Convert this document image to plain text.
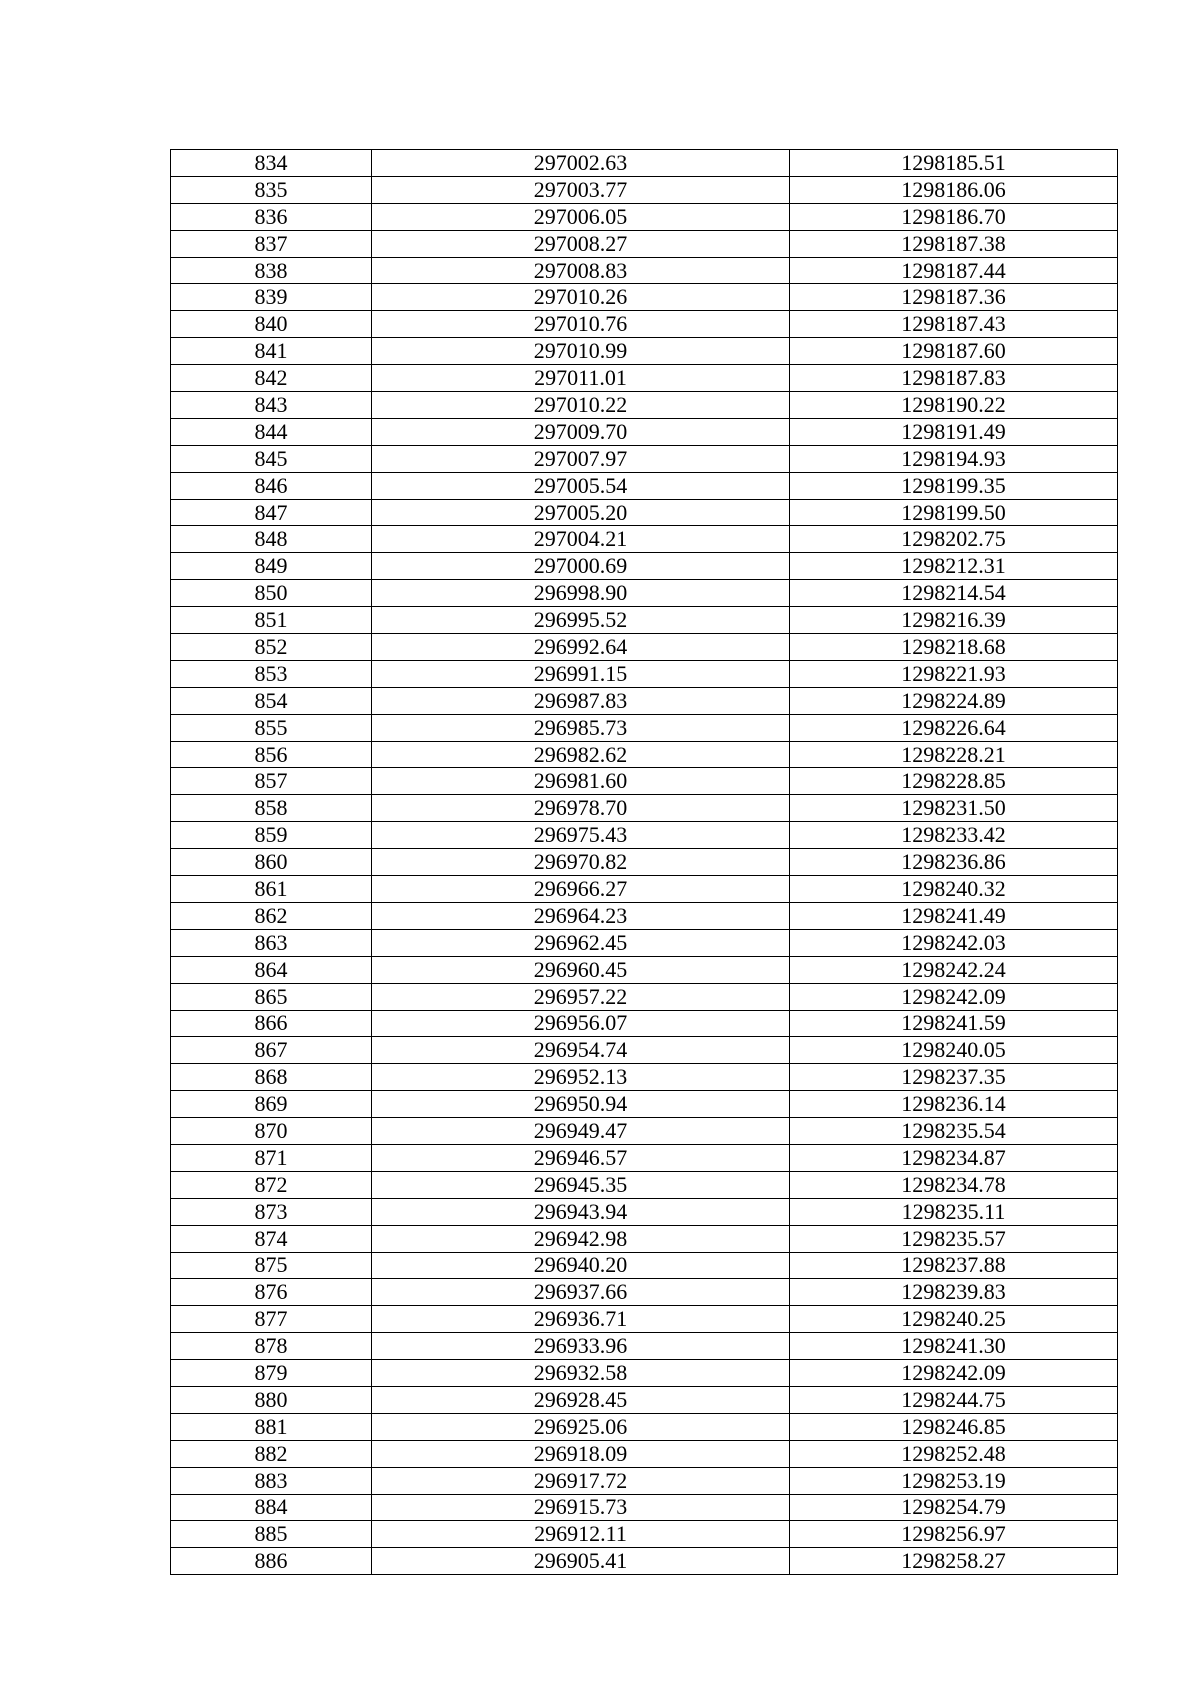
834	297002.63	1298185.51
835	297003.77	1298186.06
836	297006.05	1298186.70
837	297008.27	1298187.38
838	297008.83	1298187.44
839	297010.26	1298187.36
840	297010.76	1298187.43
841	297010.99	1298187.60
842	297011.01	1298187.83
843	297010.22	1298190.22
844	297009.70	1298191.49
845	297007.97	1298194.93
846	297005.54	1298199.35
847	297005.20	1298199.50
848	297004.21	1298202.75
849	297000.69	1298212.31
850	296998.90	1298214.54
851	296995.52	1298216.39
852	296992.64	1298218.68
853	296991.15	1298221.93
854	296987.83	1298224.89
855	296985.73	1298226.64
856	296982.62	1298228.21
857	296981.60	1298228.85
858	296978.70	1298231.50
859	296975.43	1298233.42
860	296970.82	1298236.86
861	296966.27	1298240.32
862	296964.23	1298241.49
863	296962.45	1298242.03
864	296960.45	1298242.24
865	296957.22	1298242.09
866	296956.07	1298241.59
867	296954.74	1298240.05
868	296952.13	1298237.35
869	296950.94	1298236.14
870	296949.47	1298235.54
871	296946.57	1298234.87
872	296945.35	1298234.78
873	296943.94	1298235.11
874	296942.98	1298235.57
875	296940.20	1298237.88
876	296937.66	1298239.83
877	296936.71	1298240.25
878	296933.96	1298241.30
879	296932.58	1298242.09
880	296928.45	1298244.75
881	296925.06	1298246.85
882	296918.09	1298252.48
883	296917.72	1298253.19
884	296915.73	1298254.79
885	296912.11	1298256.97
886	296905.41	1298258.27
